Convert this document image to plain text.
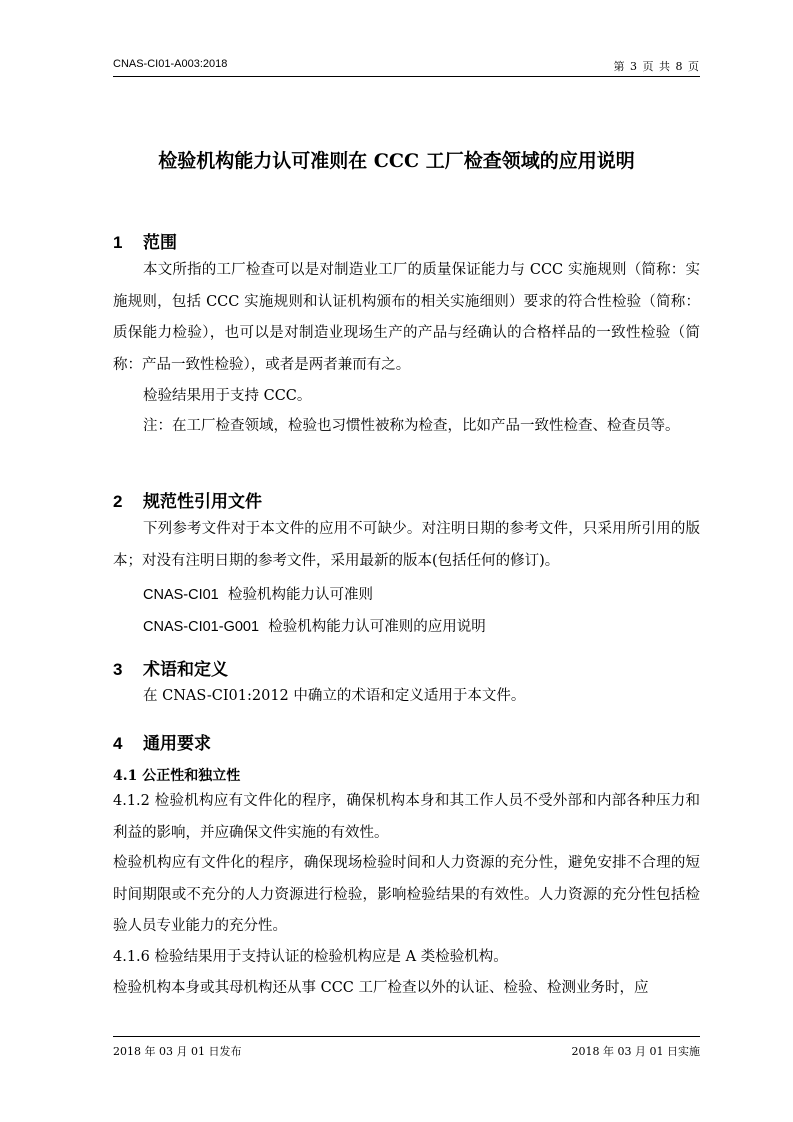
CNAS-CI01-A003:2018	第 3 页 共 8 页
检验机构能力认可准则在 CCC 工厂检查领域的应用说明
1 范围
本文所指的工厂检查可以是对制造业工厂的质量保证能力与 CCC 实施规则（简称：实施规则，包括 CCC 实施规则和认证机构颁布的相关实施细则）要求的符合性检验（简称：质保能力检验），也可以是对制造业现场生产的产品与经确认的合格样品的一致性检验（简称：产品一致性检验），或者是两者兼而有之。
检验结果用于支持 CCC。
注：在工厂检查领域，检验也习惯性被称为检查，比如产品一致性检查、检查员等。
2 规范性引用文件
下列参考文件对于本文件的应用不可缺少。对注明日期的参考文件，只采用所引用的版本；对没有注明日期的参考文件，采用最新的版本(包括任何的修订)。
CNAS-CI01 检验机构能力认可准则
CNAS-CI01-G001 检验机构能力认可准则的应用说明
3 术语和定义
在 CNAS-CI01:2012 中确立的术语和定义适用于本文件。
4 通用要求
4.1 公正性和独立性
4.1.2 检验机构应有文件化的程序，确保机构本身和其工作人员不受外部和内部各种压力和利益的影响，并应确保文件实施的有效性。
检验机构应有文件化的程序，确保现场检验时间和人力资源的充分性，避免安排不合理的短时间期限或不充分的人力资源进行检验，影响检验结果的有效性。人力资源的充分性包括检验人员专业能力的充分性。
4.1.6 检验结果用于支持认证的检验机构应是 A 类检验机构。
检验机构本身或其母机构还从事 CCC 工厂检查以外的认证、检验、检测业务时，应
2018 年 03 月 01 日发布	2018 年 03 月 01 日实施
